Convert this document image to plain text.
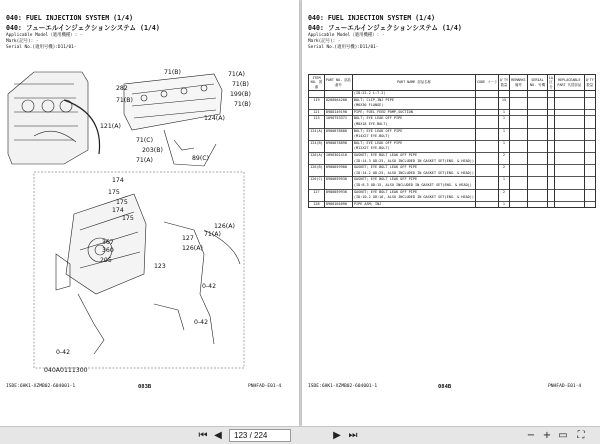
040: FUEL INJECTION SYSTEM (1/4)
040: フューエルインジェクションシステム (1/4)
Applicable Model（適用機種）: -
Mark(記号): -
Serial No.(適用号機):D11/01-
282
71(B)
71(B)	71(A)
71(B)
199(B)
71(B)
124(A)
121(A)
71(C)
203(B)
71(A)	89(C)
174
175
175
174
175
126(A)
71(A)
127
126(A)
367
360
205
123
0-42
0-42
0-42
040A0111300
ISDE:6HK1-XZMB02-604001-1	083B	PNHFAD-E01-4
040: FUEL INJECTION SYSTEM (1/4)
040: フューエルインジェクションシステム (1/4)
Applicable Model（適用機種）: -
Mark(記号): -
Serial No.(適用号機):D11/01-
ITEM NO. 図番	PART NO. 部品番号	PART NAME 部品名称	CODE コード	Q'TY 数量	REMARKS 備考	SERIAL NO. 号機	LA 区分	REPLACEABLE PART 代替部品	Q'TY 数量
		(ID:22.2 L:7.2)							
119	0280564200	BOLT; CLIP,INJ PIPE		15					
		(M6X30 FLANGE)							
121	8980149190	PIPE; FUEL FEED PUMP,SUCTION		1					
123	1096753371	BOLT; EYE LEAK OFF PIPE		1					
		(M8X18 EYE-BOLT)							
124(A)	8980078880	BOLT; EYE LEAK OFF PIPE		1					
		(M14X27 EYE-BOLT)							
124(B)	8980078890	BOLT; EYE LEAK OFF PIPE		1					
		(M12X27 EYE-BOLT)							
126(A)	1096301410	GASKET; EYE BOLT LEAK OFF PIPE		2					
		(ID:14.3 OD:25, ALSO INCLUDED IN GASKET SET(ENG. & HEAD))							
126(B)	8980059900	GASKET; EYE BOLT LEAK OFF PIPE		2					
		(ID:14.2 OD:25, ALSO INCLUDED IN GASKET SET(ENG. & HEAD))							
126(C)	8980059930	GASKET; EYE BOLT LEAK OFF PIPE		1					
		(ID:8.3 OD:15, ALSO INCLUDED IN GASKET SET(ENG. & HEAD))							
127	8980059930	GASKET; EYE BOLT LEAK OFF PIPE		2					
		(ID:10.2 OD:16, ALSO INCLUDED IN GASKET SET(ENG. & HEAD))							
128	8980164090	PIPE ASM; INJ		1					
ISDE:6HK1-XZMB02-604001-1	084B	PNHFAD-E01-4
⏮ ◀	123 / 224	▶ ⏭	− + ▭ ⛶
